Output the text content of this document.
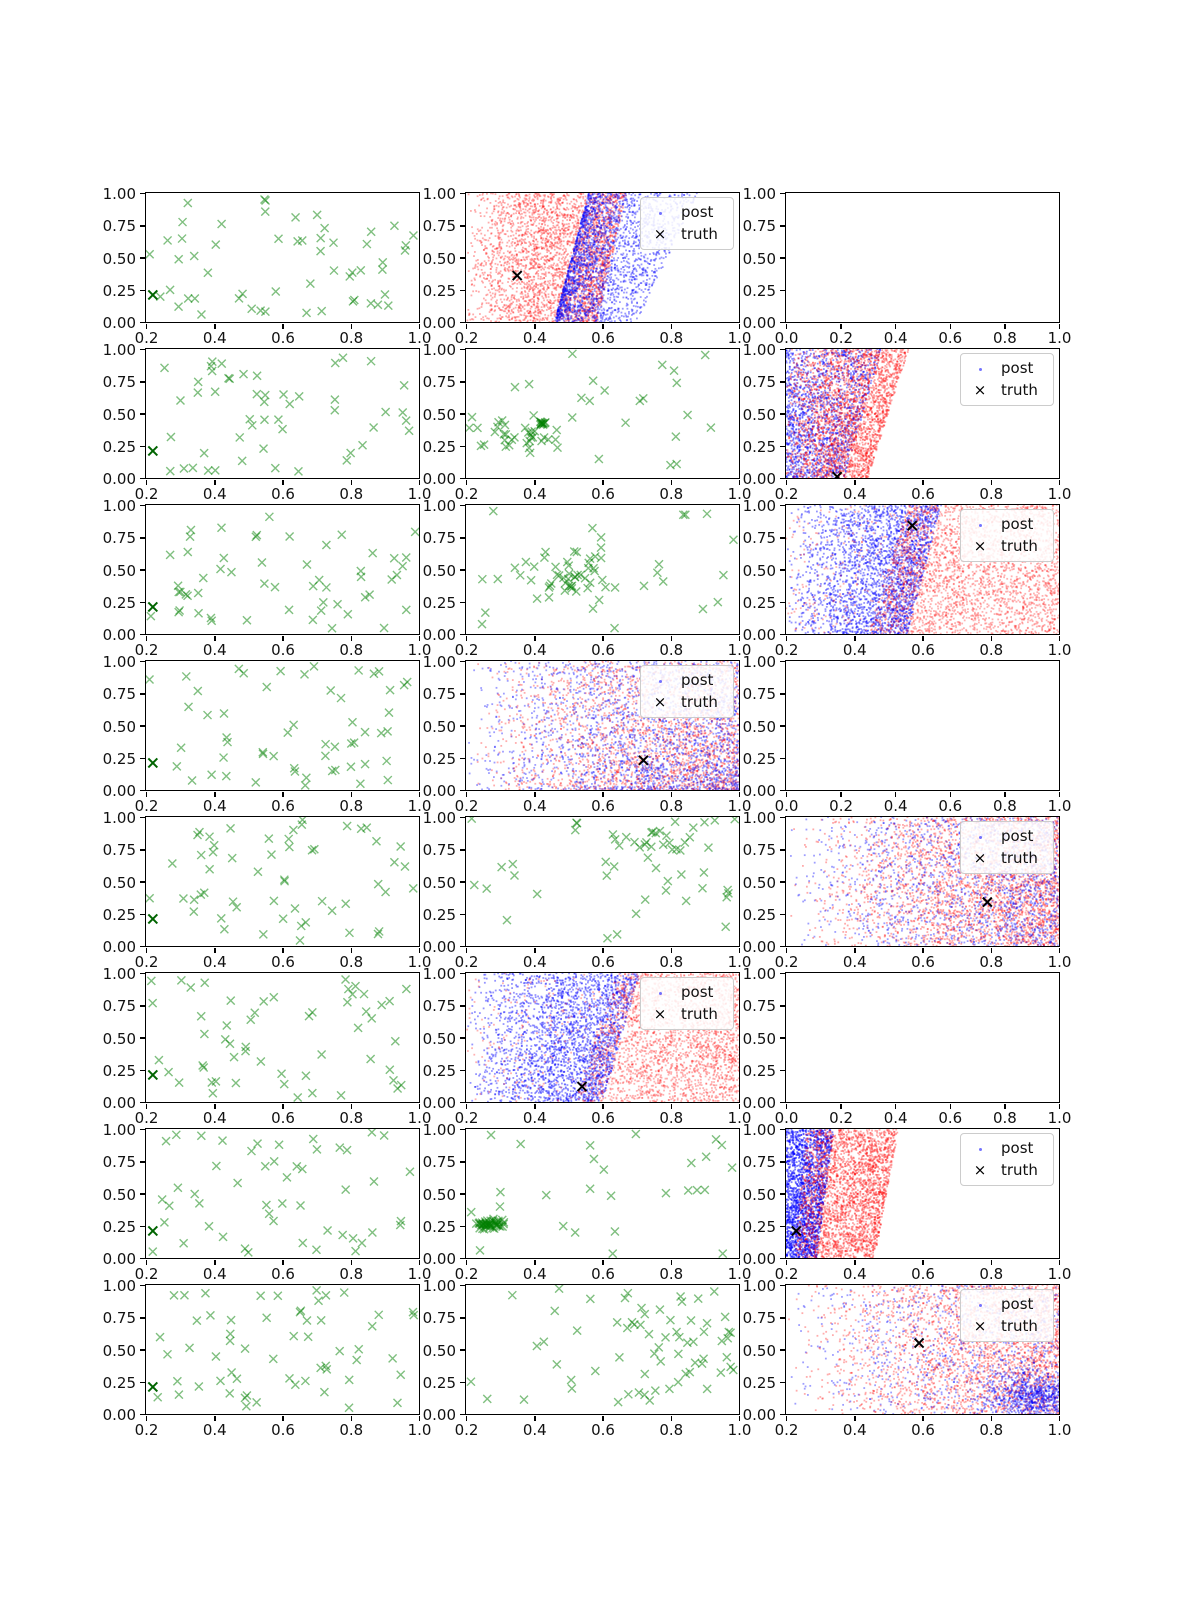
1.00
0.75
0.50
0.25
0.00
0.2	0.4	0.6	0.8	1.0
post
× truth
1.00
0.75
0.50
0.25
0.00
0.2	0.4	0.6	0.8	1.0
1.00
0.75
0.50
0.25
0.00
0.0	0.2	0.4	0.6	0.8	1.0
1.00
0.75
0.50
0.25
0.00
0.2	0.4	0.6	0.8	1.0
1.00
0.75
0.50
0.25
0.00
0.2	0.4	0.6	0.8	1.0
post
× truth
1.00
0.75
0.50
0.25
0.00
0.2	0.4	0.6	0.8	1.0
1.00
0.75
0.50
0.25
0.00
0.2	0.4	0.6	0.8	1.0
1.00
0.75
0.50
0.25
0.00
0.2	0.4	0.6	0.8	1.0
post
× truth
1.00
0.75
0.50
0.25
0.00
0.2	0.4	0.6	0.8	1.0
1.00
0.75
0.50
0.25
0.00
0.2	0.4	0.6	0.8	1.0
post
× truth
1.00
0.75
0.50
0.25
0.00
0.2	0.4	0.6	0.8	1.0
1.00
0.75
0.50
0.25
0.00
0.0	0.2	0.4	0.6	0.8	1.0
1.00
0.75
0.50
0.25
0.00
0.2	0.4	0.6	0.8	1.0
1.00
0.75
0.50
0.25
0.00
0.2	0.4	0.6	0.8	1.0
post
× truth
1.00
0.75
0.50
0.25
0.00
0.2	0.4	0.6	0.8	1.0
1.00
0.75
0.50
0.25
0.00
0.2	0.4	0.6	0.8	1.0
post
× truth
1.00
0.75
0.50
0.25
0.00
0.2	0.4	0.6	0.8	1.0
1.00
0.75
0.50
0.25
0.00
0.0	0.2	0.4	0.6	0.8	1.0
1.00
0.75
0.50
0.25
0.00
0.2	0.4	0.6	0.8	1.0
1.00
0.75
0.50
0.25
0.00
0.2	0.4	0.6	0.8	1.0
post
× truth
1.00
0.75
0.50
0.25
0.00
0.2	0.4	0.6	0.8	1.0
1.00
0.75
0.50
0.25
0.00
0.2	0.4	0.6	0.8	1.0
1.00
0.75
0.50
0.25
0.00
0.2	0.4	0.6	0.8	1.0
post
× truth
1.00
0.75
0.50
0.25
0.00
0.2	0.4	0.6	0.8	1.0
